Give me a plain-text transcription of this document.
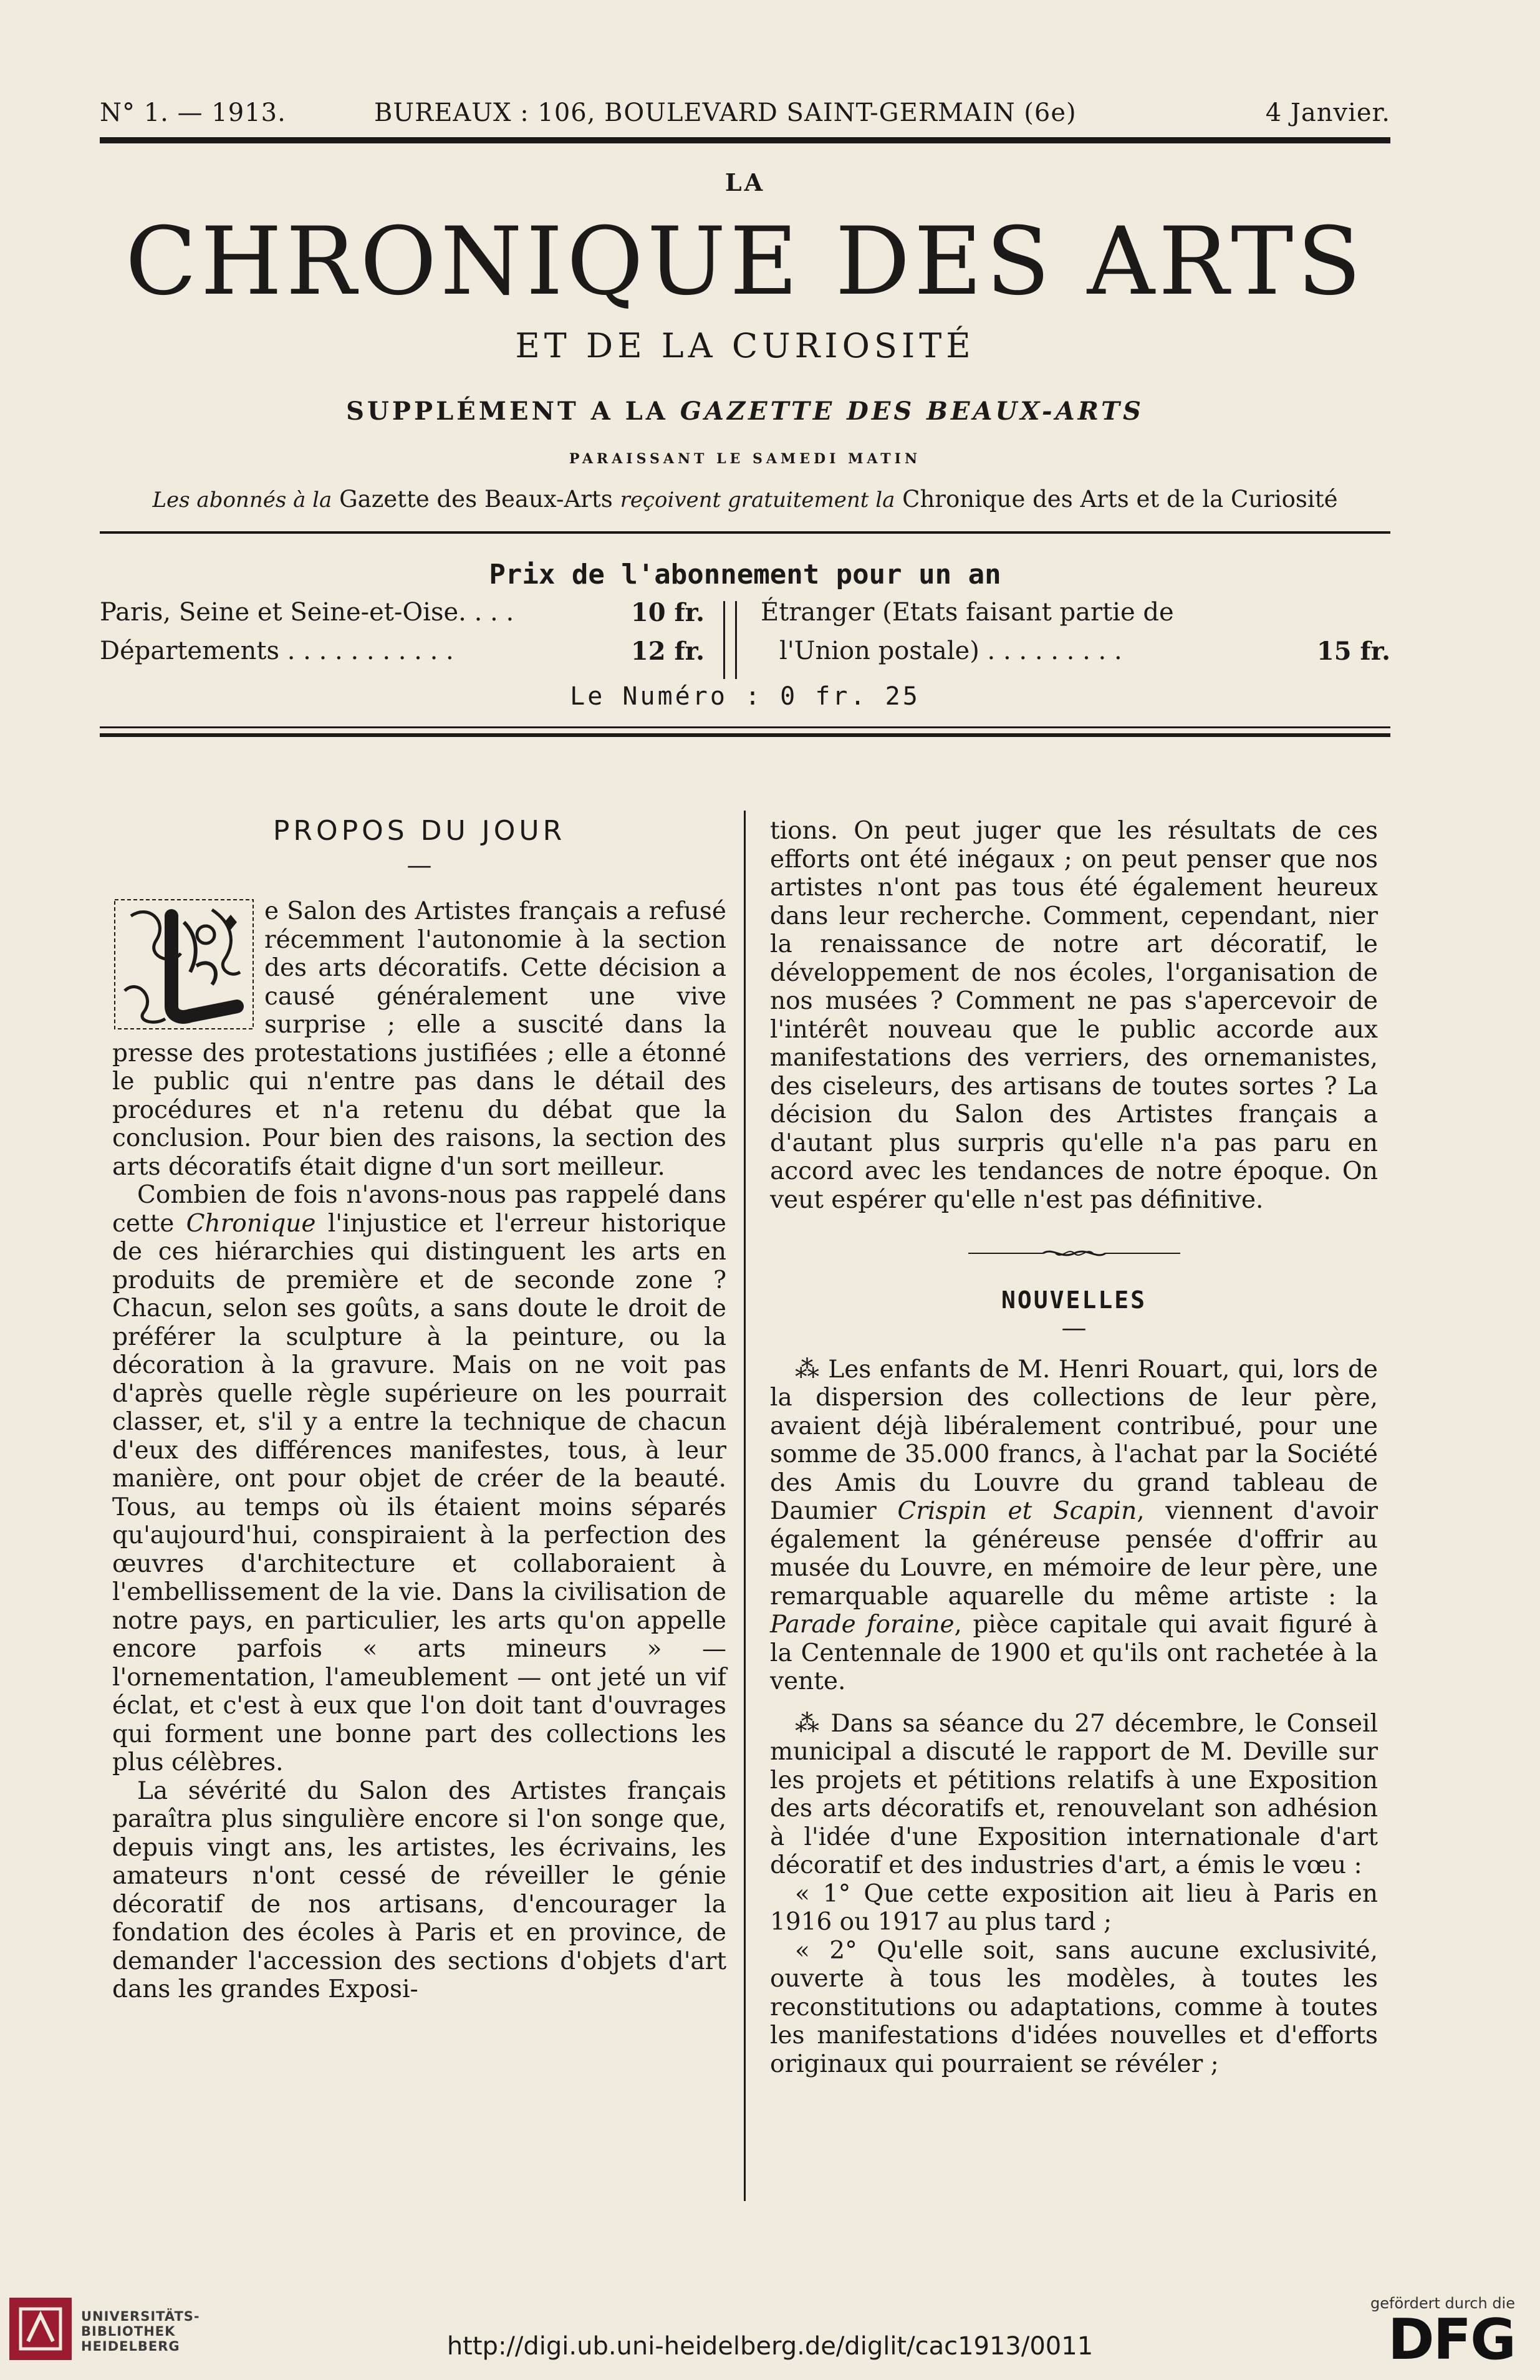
N° 1. — 1913.	BUREAUX : 106, BOULEVARD SAINT-GERMAIN (6e)	4 Janvier.
LA
CHRONIQUE DES ARTS
ET DE LA CURIOSITÉ
SUPPLÉMENT A LA GAZETTE DES BEAUX-ARTS
PARAISSANT LE SAMEDI MATIN
Les abonnés à la Gazette des Beaux-Arts reçoivent gratuitement la Chronique des Arts et de la Curiosité
Prix de l'abonnement pour un an
Paris, Seine et Seine-et-Oise. . . .	10 fr.
Départements . . . . . . . . . . .	12 fr.
Étranger (Etats faisant partie de
l'Union postale) . . . . . . . . .	15 fr.
Le Numéro : 0 fr. 25
PROPOS DU JOUR
—

e Salon des Artistes français a refusé récemment l'autonomie à la section des arts décoratifs. Cette décision a causé généralement une vive surprise ; elle a suscité dans la presse des protestations justifiées ; elle a étonné le public qui n'entre pas dans le détail des procédures et n'a retenu du débat que la conclusion. Pour bien des raisons, la section des arts décoratifs était digne d'un sort meilleur.

Combien de fois n'avons-nous pas rappelé dans cette Chronique l'injustice et l'erreur historique de ces hiérarchies qui distinguent les arts en produits de première et de seconde zone ? Chacun, selon ses goûts, a sans doute le droit de préférer la sculpture à la peinture, ou la décoration à la gravure. Mais on ne voit pas d'après quelle règle supérieure on les pourrait classer, et, s'il y a entre la technique de chacun d'eux des différences manifestes, tous, à leur manière, ont pour objet de créer de la beauté. Tous, au temps où ils étaient moins séparés qu'aujourd'hui, conspiraient à la perfection des œuvres d'architecture et collaboraient à l'embellissement de la vie. Dans la civilisation de notre pays, en particulier, les arts qu'on appelle encore parfois « arts mineurs » — l'ornementation, l'ameublement — ont jeté un vif éclat, et c'est à eux que l'on doit tant d'ouvrages qui forment une bonne part des collections les plus célèbres.

La sévérité du Salon des Artistes français paraîtra plus singulière encore si l'on songe que, depuis vingt ans, les artistes, les écrivains, les amateurs n'ont cessé de réveiller le génie décoratif de nos artisans, d'encourager la fondation des écoles à Paris et en province, de demander l'accession des sections d'objets d'art dans les grandes Exposi-

tions. On peut juger que les résultats de ces efforts ont été inégaux ; on peut penser que nos artistes n'ont pas tous été également heureux dans leur recherche. Comment, cependant, nier la renaissance de notre art décoratif, le développement de nos écoles, l'organisation de nos musées ? Comment ne pas s'apercevoir de l'intérêt nouveau que le public accorde aux manifestations des verriers, des ornemanistes, des ciseleurs, des artisans de toutes sortes ? La décision du Salon des Artistes français a d'autant plus surpris qu'elle n'a pas paru en accord avec les tendances de notre époque. On veut espérer qu'elle n'est pas définitive.

NOUVELLES
—

⁂ Les enfants de M. Henri Rouart, qui, lors de la dispersion des collections de leur père, avaient déjà libéralement contribué, pour une somme de 35.000 francs, à l'achat par la Société des Amis du Louvre du grand tableau de Daumier Crispin et Scapin, viennent d'avoir également la généreuse pensée d'offrir au musée du Louvre, en mémoire de leur père, une remarquable aquarelle du même artiste : la Parade foraine, pièce capitale qui avait figuré à la Centennale de 1900 et qu'ils ont rachetée à la vente.

⁂ Dans sa séance du 27 décembre, le Conseil municipal a discuté le rapport de M. Deville sur les projets et pétitions relatifs à une Exposition des arts décoratifs et, renouvelant son adhésion à l'idée d'une Exposition internationale d'art décoratif et des industries d'art, a émis le vœu :

« 1° Que cette exposition ait lieu à Paris en 1916 ou 1917 au plus tard ;

« 2° Qu'elle soit, sans aucune exclusivité, ouverte à tous les modèles, à toutes les reconstitutions ou adaptations, comme à toutes les manifestations d'idées nouvelles et d'efforts originaux qui pourraient se révéler ;

UNIVERSITÄTS-
BIBLIOTHEK
HEIDELBERG	http://digi.ub.uni-heidelberg.de/diglit/cac1913/0011
gefördert durch die
DFG
